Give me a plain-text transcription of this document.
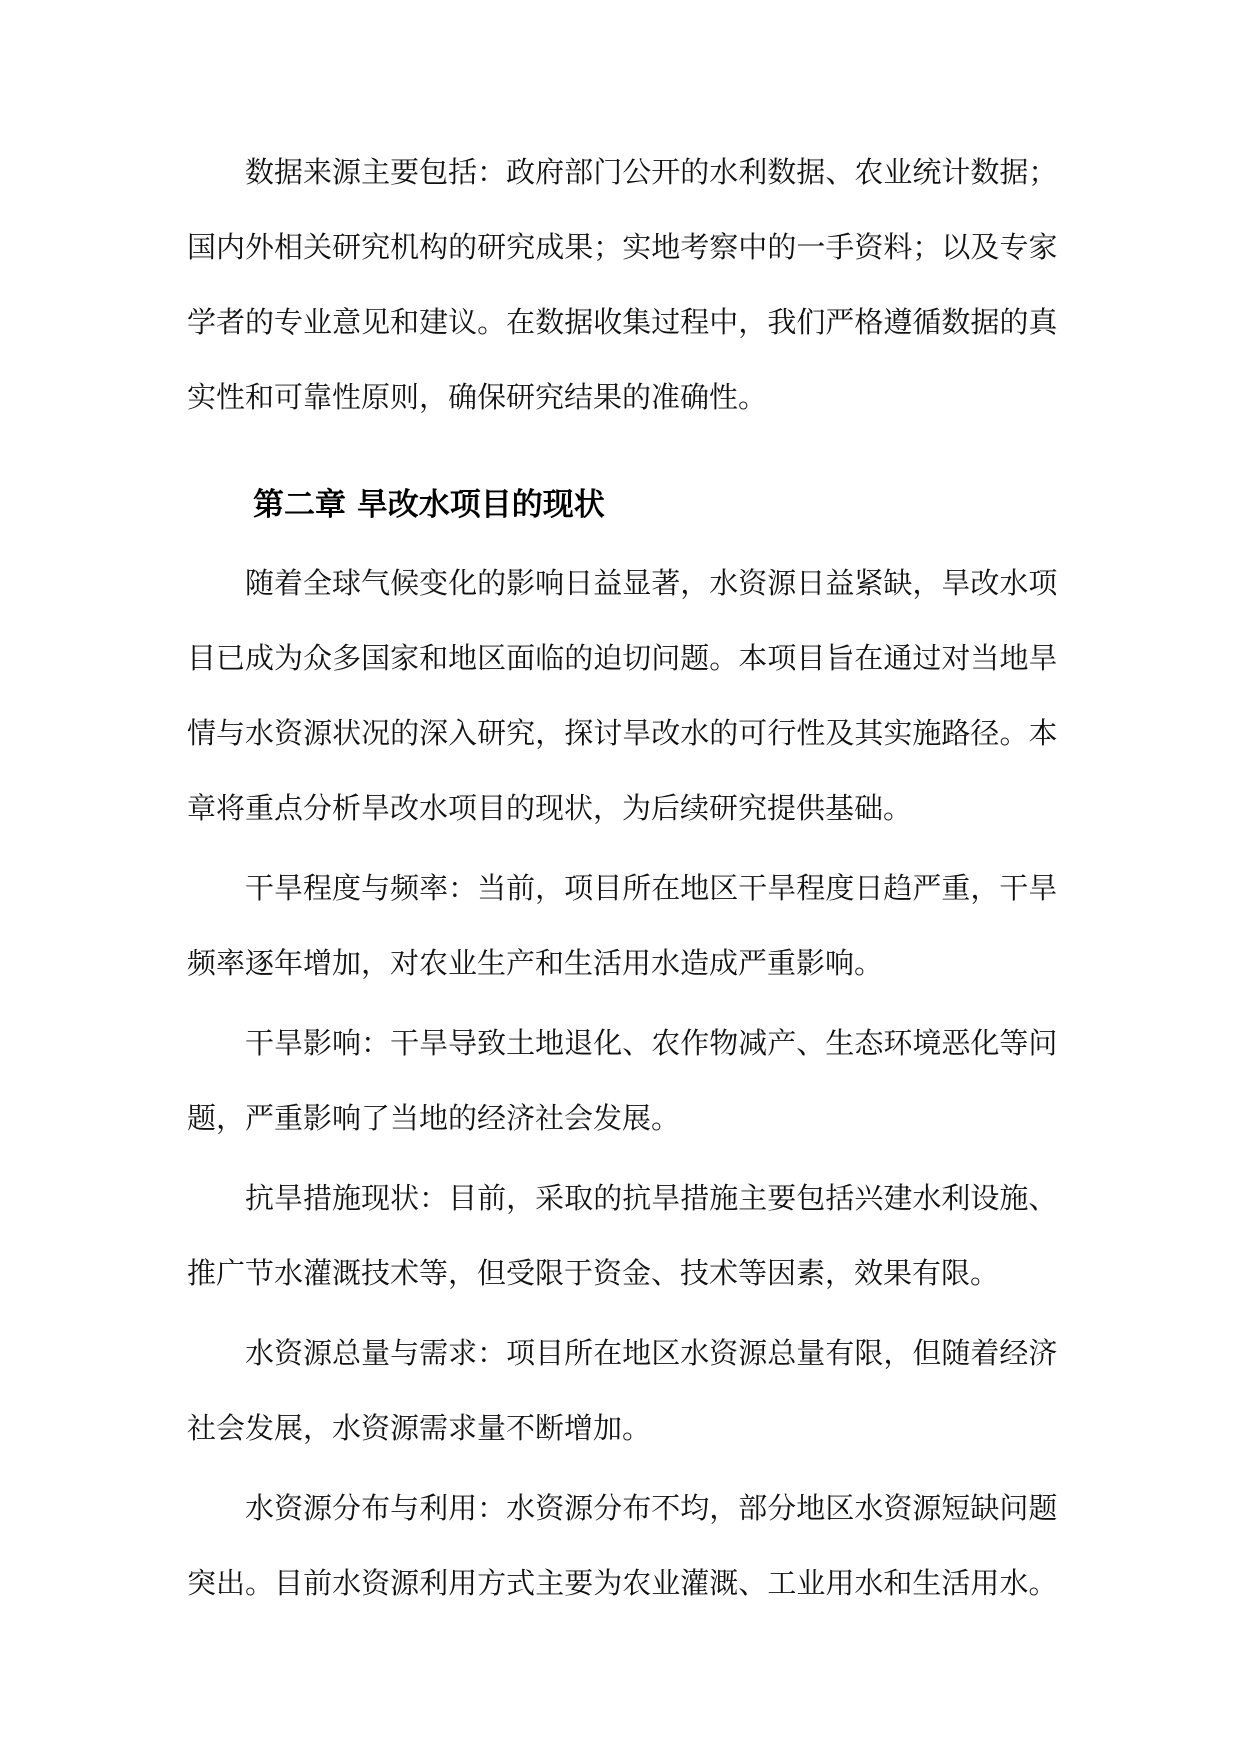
数 据 来 源 主 要 包 括 ： 政 府 部 门 公 开 的 水 利 数 据 、 农 业 统 计 数 据 ；
国 内 外 相 关 研 究 机 构 的 研 究 成 果 ； 实 地 考 察 中 的 一 手 资 料 ； 以 及 专 家
学 者 的 专 业 意 见 和 建 议 。 在 数 据 收 集 过 程 中 ， 我 们 严 格 遵 循 数 据 的 真
实性和可靠性原则，确保研究结果的准确性。
第二章 旱改水项目的现状
随 着 全 球 气 候 变 化 的 影 响 日 益 显 著 ， 水 资 源 日 益 紧 缺 ， 旱 改 水 项
目 已 成 为 众 多 国 家 和 地 区 面 临 的 迫 切 问 题 。 本 项 目 旨 在 通 过 对 当 地 旱
情 与 水 资 源 状 况 的 深 入 研 究 ， 探 讨 旱 改 水 的 可 行 性 及 其 实 施 路 径 。 本
章将重点分析旱改水项目的现状，为后续研究提供基础。
干 旱 程 度 与 频 率 ： 当 前 ， 项 目 所 在 地 区 干 旱 程 度 日 趋 严 重 ， 干 旱
频率逐年增加，对农业生产和生活用水造成严重影响。
干 旱 影 响 ： 干 旱 导 致 土 地 退 化 、 农 作 物 减 产 、 生 态 环 境 恶 化 等 问
题，严重影响了当地的经济社会发展。
抗 旱 措 施 现 状 ： 目 前 ， 采 取 的 抗 旱 措 施 主 要 包 括 兴 建 水 利 设 施 、
推广节水灌溉技术等，但受限于资金、技术等因素，效果有限。
水 资 源 总 量 与 需 求 ： 项 目 所 在 地 区 水 资 源 总 量 有 限 ， 但 随 着 经 济
社会发展，水资源需求量不断增加。
水 资 源 分 布 与 利 用 ： 水 资 源 分 布 不 均 ， 部 分 地 区 水 资 源 短 缺 问 题
突 出 。 目 前 水 资 源 利 用 方 式 主 要 为 农 业 灌 溉 、 工 业 用 水 和 生 活 用 水 。
